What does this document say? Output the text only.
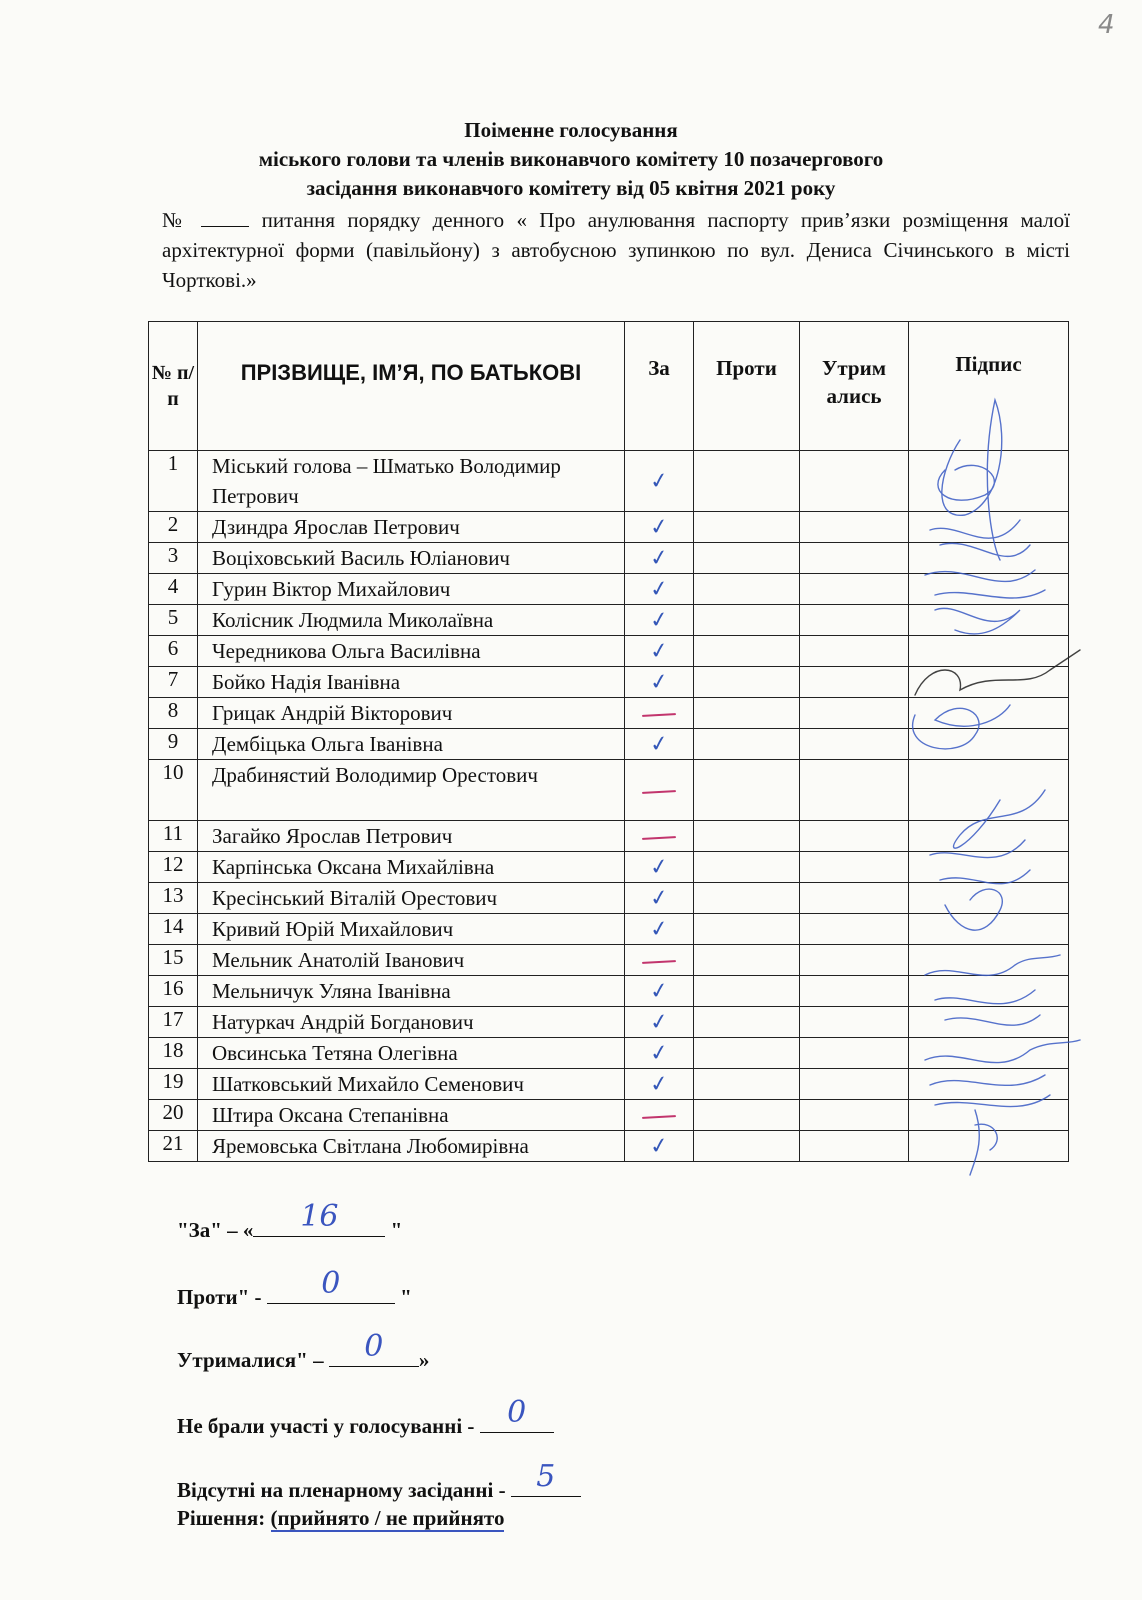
4
Поіменне голосування
міського голови та членів виконавчого комітету 10 позачергового
засідання виконавчого комітету від 05 квітня 2021 року
№	питання порядку денного « Про анулювання паспорту прив’язки розміщення малої архітектурної форми (павільйону) з автобусною зупинкою по вул. Дениса Січинського в місті Чорткові.»
№ п/п	ПРІЗВИЩЕ, ІМ’Я, ПО БАТЬКОВІ	За	Проти	Утрим ались	Підпис
1	Міський голова – Шматько Володимир Петрович	✓			
2	Дзиндра Ярослав Петрович	✓			
3	Воціховський Василь Юліанович	✓			
4	Гурин Віктор Михайлович	✓			
5	Колісник Людмила Миколаївна	✓			
6	Чередникова Ольга Василівна	✓			
7	Бойко Надія Іванівна	✓			
8	Грицак Андрій Вікторович				
9	Дембіцька Ольга Іванівна	✓			
10	Драбинястий Володимир Орестович				
11	Загайко Ярослав Петрович				
12	Карпінська Оксана Михайлівна	✓			
13	Кресінський Віталій Орестович	✓			
14	Кривий Юрій Михайлович	✓			
15	Мельник Анатолій Іванович				
16	Мельничук Уляна Іванівна	✓			
17	Натуркач Андрій Богданович	✓			
18	Овсинська Тетяна Олегівна	✓			
19	Шатковський Михайло Семенович	✓			
20	Штира Оксана Степанівна				
21	Яремовська Світлана Любомирівна	✓			
"За" – «	16	"
Проти" -	0	"
Утрималися" –	0	»
Не брали участі у голосуванні -	0
Відсутні на пленарному засіданні -	5
Рішення: (прийнято / не прийнято
